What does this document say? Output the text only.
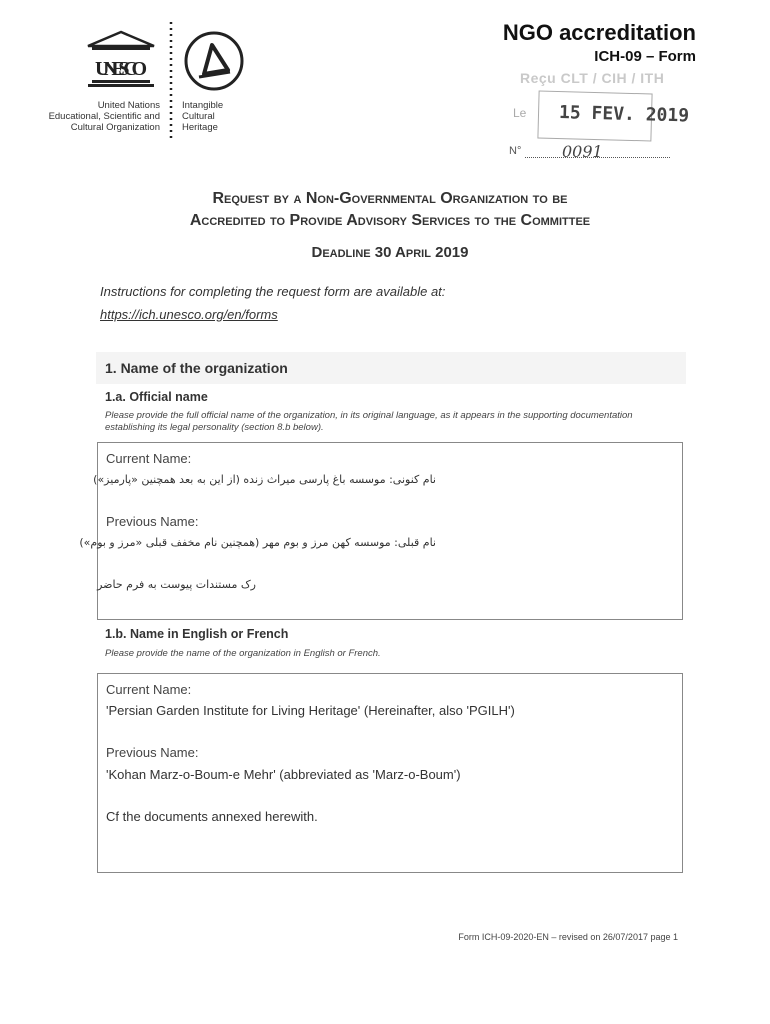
UNESCO
United Nations
Educational, Scientific and
Cultural Organization
Intangible
Cultural
Heritage
NGO accreditation
ICH-09 – Form
Reçu CLT / CIH / ITH
Le 15 FEV. 2019
N°	0091
Request by a Non-Governmental Organization to be
Accredited to Provide Advisory Services to the Committee
Deadline 30 April 2019
Instructions for completing the request form are available at:
https://ich.unesco.org/en/forms
1. Name of the organization
1.a. Official name
Please provide the full official name of the organization, in its original language, as it appears in the supporting documentation establishing its legal personality (section 8.b below).
Current Name:
نام کنونی: موسسه باغ پارسی میراث زنده (از این به بعد همچنین «پارمیز»)
Previous Name:
نام قبلی: موسسه کهن مرز و بوم مهر (همچنین نام مخفف قبلی «مرز و بوم»)
رک مستندات پیوست به فرم حاضر
1.b. Name in English or French
Please provide the name of the organization in English or French.
Current Name:
'Persian Garden Institute for Living Heritage' (Hereinafter, also 'PGILH')
Previous Name:
'Kohan Marz-o-Boum-e Mehr' (abbreviated as 'Marz-o-Boum')
Cf the documents annexed herewith.
Form ICH-09-2020-EN – revised on 26/07/2017 page 1
